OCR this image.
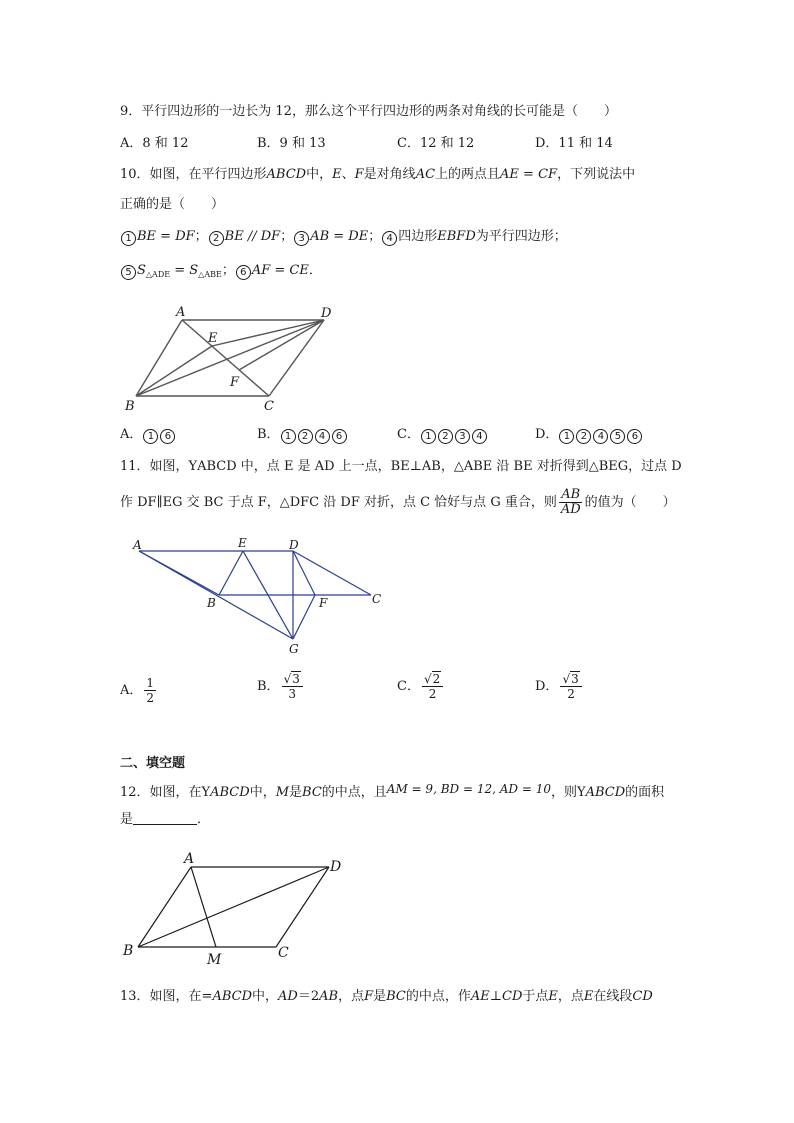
9．平行四边形的一边长为 12，那么这个平行四边形的两条对角线的长可能是（　　）
A．8 和 12	B．9 和 13	C．12 和 12	D．11 和 14
10．如图，在平行四边形ABCD中，E、F是对角线AC上的两点且AE = CF，下列说法中
正确的是（　　）
1 BE = DF； 2 BE // DF； 3 AB = DE； 4 四边形EBFD为平行四边形；
5 $S_{\triangle ADE} = S_{\triangle ABE}$； 6 AF = CE．
A
B	C
D
E
F
A． 1 6	B． 1 2 4 6	C． 1 2 3 4	D． 1 2 4 5 6
11．如图，ΥABCD 中，点 E 是 AD 上一点，BE⊥AB，△ABE 沿 BE 对折得到△BEG，过点 D
作 DF∥EG 交 BC 于点 F，△DFC 沿 DF 对折，点 C 恰好与点 G 重合，则 $\frac{AB}{AD}$ 的值为（　　）
A	E	D
B	F	C
G
A． $\frac{1}{2}$	B． $\frac{√3}{3}$	C． $\frac{√2}{2}$	D． $\frac{√3}{2}$
二、填空题
12．如图，在ΥABCD中，M是BC的中点，且AM = 9, BD = 12, AD = 10，则ΥABCD的面积
是	．
A	D
B
M	C
13．如图，在=ABCD中，AD＝2AB，点F是BC的中点，作AE⊥CD于点E，点E在线段CD
